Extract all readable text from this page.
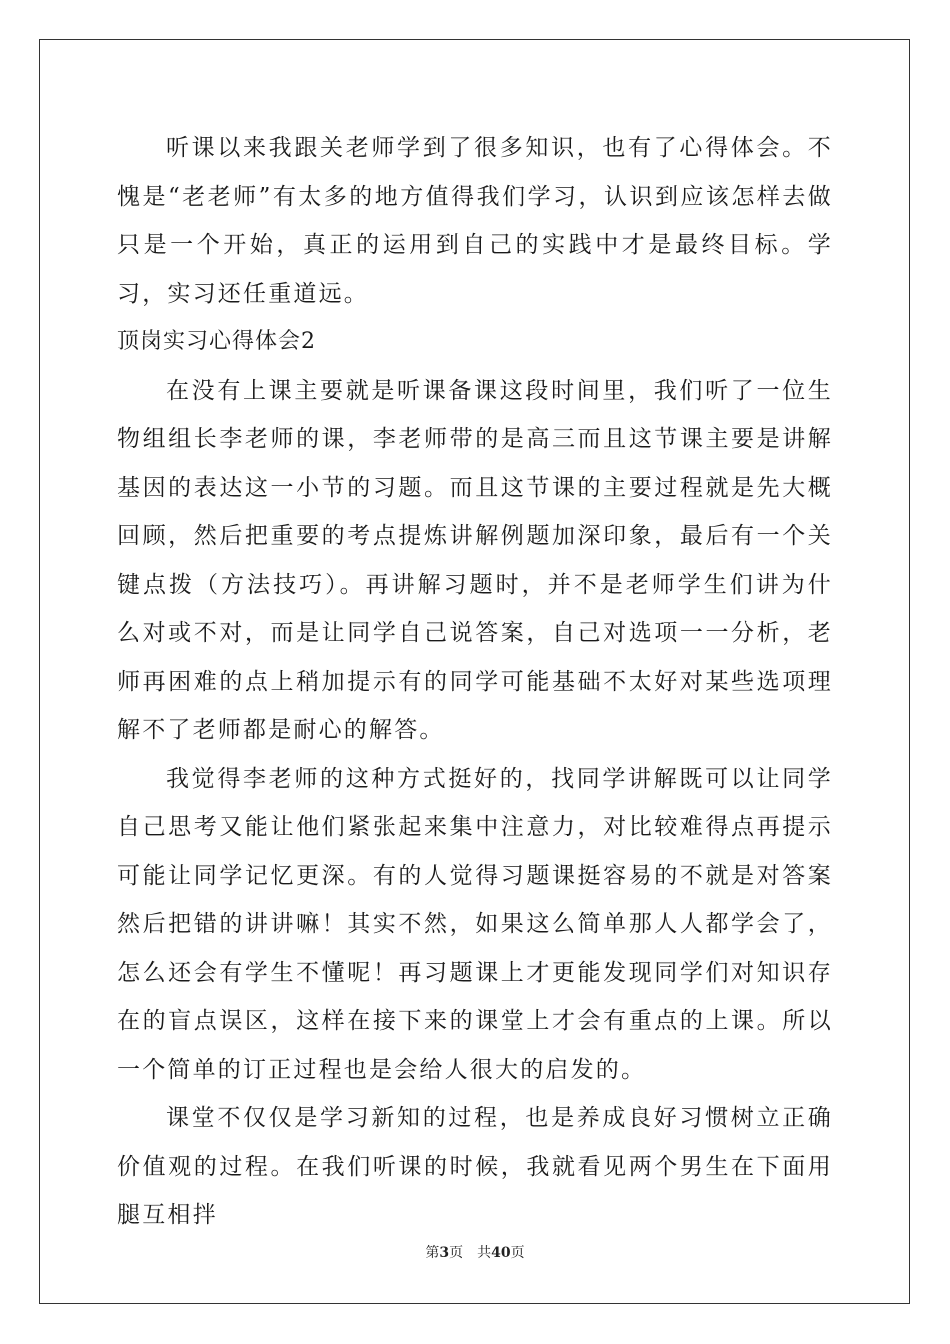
听课以来我跟关老师学到了很多知识，也有了心得体会。不愧是“老老师”有太多的地方值得我们学习，认识到应该怎样去做只是一个开始，真正的运用到自己的实践中才是最终目标。学习，实习还任重道远。

顶岗实习心得体会2

在没有上课主要就是听课备课这段时间里，我们听了一位生物组组长李老师的课，李老师带的是高三而且这节课主要是讲解基因的表达这一小节的习题。而且这节课的主要过程就是先大概回顾，然后把重要的考点提炼讲解例题加深印象，最后有一个关键点拨（方法技巧）。再讲解习题时，并不是老师学生们讲为什么对或不对，而是让同学自己说答案，自己对选项一一分析，老师再困难的点上稍加提示有的同学可能基础不太好对某些选项理解不了老师都是耐心的解答。

我觉得李老师的这种方式挺好的，找同学讲解既可以让同学自己思考又能让他们紧张起来集中注意力，对比较难得点再提示可能让同学记忆更深。有的人觉得习题课挺容易的不就是对答案然后把错的讲讲嘛！其实不然，如果这么简单那人人都学会了，怎么还会有学生不懂呢！再习题课上才更能发现同学们对知识存在的盲点误区，这样在接下来的课堂上才会有重点的上课。所以一个简单的订正过程也是会给人很大的启发的。

课堂不仅仅是学习新知的过程，也是养成良好习惯树立正确价值观的过程。在我们听课的时候，我就看见两个男生在下面用腿互相拌

第3页 共40页
